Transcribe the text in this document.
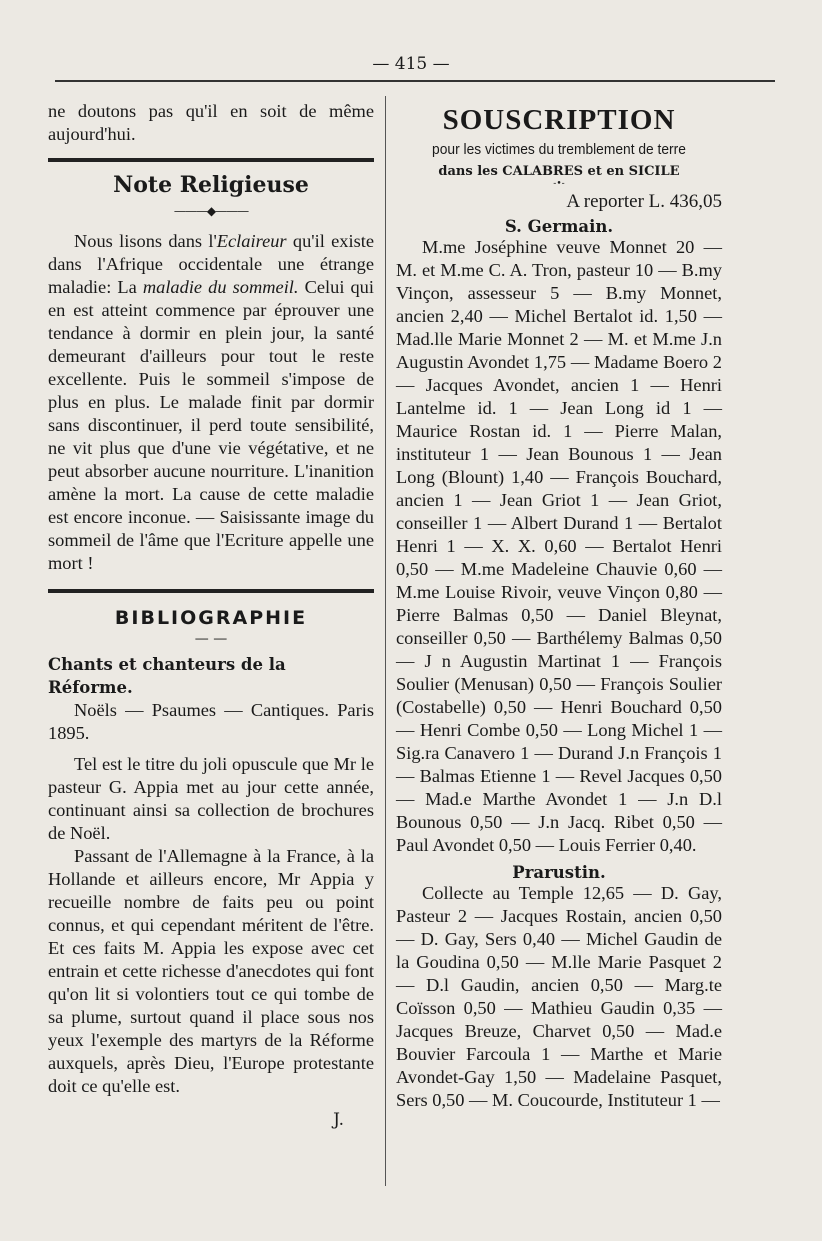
— 415 —

ne doutons pas qu'il en soit de même aujourd'hui.

Note Religieuse
———◆———

Nous lisons dans l'Eclaireur qu'il existe dans l'Afrique occidentale une étrange maladie: La maladie du sommeil. Celui qui en est atteint commence par éprouver une tendance à dormir en plein jour, la santé demeurant d'ailleurs pour tout le reste excellente. Puis le sommeil s'impose de plus en plus. Le malade finit par dormir sans discontinuer, il perd toute sensibilité, ne vit plus que d'une vie végétative, et ne peut absorber aucune nourriture. L'inanition amène la mort. La cause de cette maladie est encore inconue. — Saisissante image du sommeil de l'âme que l'Ecriture appelle une mort !

BIBLIOGRAPHIE
— —

Chants et chanteurs de la Réforme.

Noëls — Psaumes — Cantiques. Paris 1895.

Tel est le titre du joli opuscule que Mr le pasteur G. Appia met au jour cette année, continuant ainsi sa collection de brochures de Noël.

Passant de l'Allemagne à la France, à la Hollande et ailleurs encore, Mr Appia y recueille nombre de faits peu ou point connus, et qui cependant méritent de l'être. Et ces faits M. Appia les expose avec cet entrain et cette richesse d'anecdotes qui font qu'on lit si volontiers tout ce qui tombe de sa plume, surtout quand il place sous nos yeux l'exemple des martyrs de la Réforme auxquels, après Dieu, l'Europe protestante doit ce qu'elle est.

J.
SOUSCRIPTION

pour les victimes du tremblement de terre

dans les CALABRES et en SICILE

-•-

A reporter L. 436,05

S. Germain.

M.me Joséphine veuve Monnet 20 — M. et M.me C. A. Tron, pasteur 10 — B.my Vinçon, assesseur 5 — B.my Monnet, ancien 2,40 — Michel Bertalot id. 1,50 — Mad.lle Marie Monnet 2 — M. et M.me J.n Augustin Avondet 1,75 — Madame Boero 2 — Jacques Avondet, ancien 1 — Henri Lantelme id. 1 — Jean Long id 1 — Maurice Rostan id. 1 — Pierre Malan, instituteur 1 — Jean Bounous 1 — Jean Long (Blount) 1,40 — François Bouchard, ancien 1 — Jean Griot 1 — Jean Griot, conseiller 1 — Albert Durand 1 — Bertalot Henri 1 — X. X. 0,60 — Bertalot Henri 0,50 — M.me Madeleine Chauvie 0,60 — M.me Louise Rivoir, veuve Vinçon 0,80 — Pierre Balmas 0,50 — Daniel Bleynat, conseiller 0,50 — Barthélemy Balmas 0,50 — J n Augustin Martinat 1 — François Soulier (Menusan) 0,50 — François Soulier (Costabelle) 0,50 — Henri Bouchard 0,50 — Henri Combe 0,50 — Long Michel 1 — Sig.ra Canavero 1 — Durand J.n François 1 — Balmas Etienne 1 — Revel Jacques 0,50 — Mad.e Marthe Avondet 1 — J.n D.l Bounous 0,50 — J.n Jacq. Ribet 0,50 — Paul Avondet 0,50 — Louis Ferrier 0,40.

Prarustin.

Collecte au Temple 12,65 — D. Gay, Pasteur 2 — Jacques Rostain, ancien 0,50 — D. Gay, Sers 0,40 — Michel Gaudin de la Goudina 0,50 — M.lle Marie Pasquet 2 — D.l Gaudin, ancien 0,50 — Marg.te Coïsson 0,50 — Mathieu Gaudin 0,35 — Jacques Breuze, Charvet 0,50 — Mad.e Bouvier Farcoula 1 — Marthe et Marie Avondet-Gay 1,50 — Madelaine Pasquet, Sers 0,50 — M. Coucourde, Instituteur 1 —
